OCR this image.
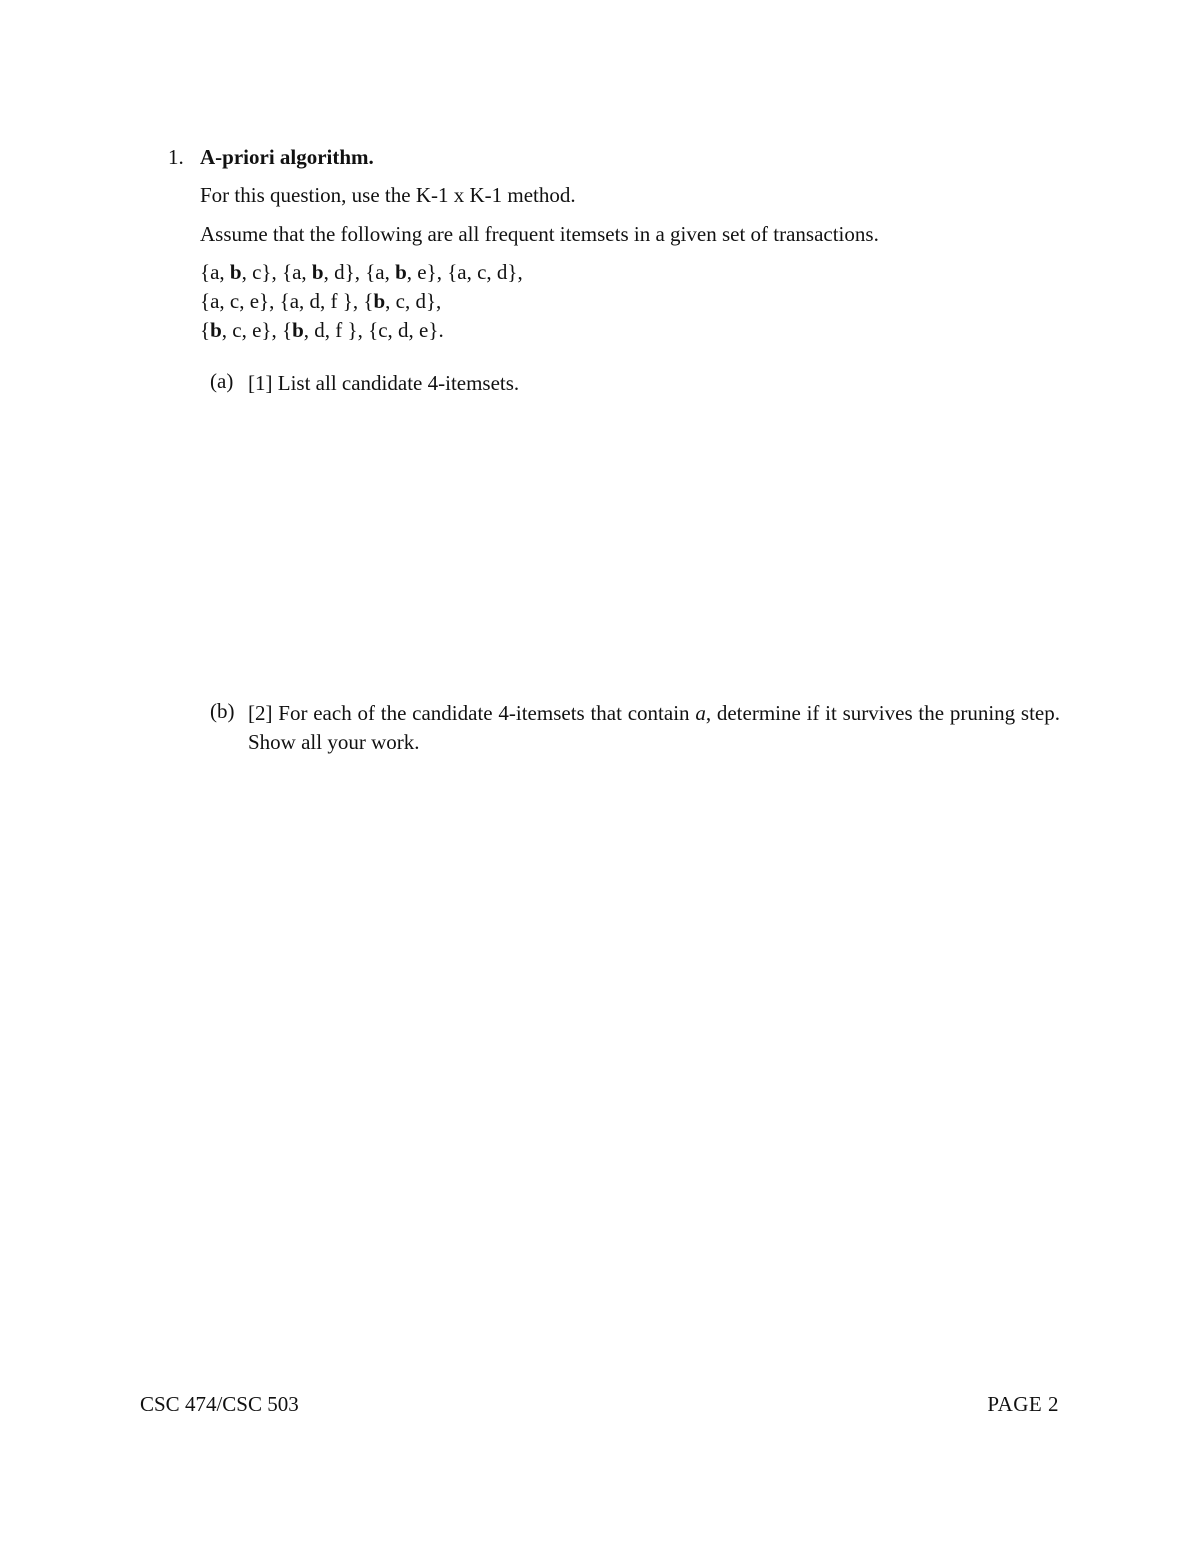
1. A-priori algorithm.
For this question, use the K-1 x K-1 method.
Assume that the following are all frequent itemsets in a given set of transactions.
{a, b, c}, {a, b, d}, {a, b, e}, {a, c, d},
{a, c, e}, {a, d, f }, {b, c, d},
{b, c, e}, {b, d, f }, {c, d, e}.
(a) [1] List all candidate 4-itemsets.
(b) [2] For each of the candidate 4-itemsets that contain a, determine if it survives the pruning step. Show all your work.
CSC 474/CSC 503	PAGE 2
